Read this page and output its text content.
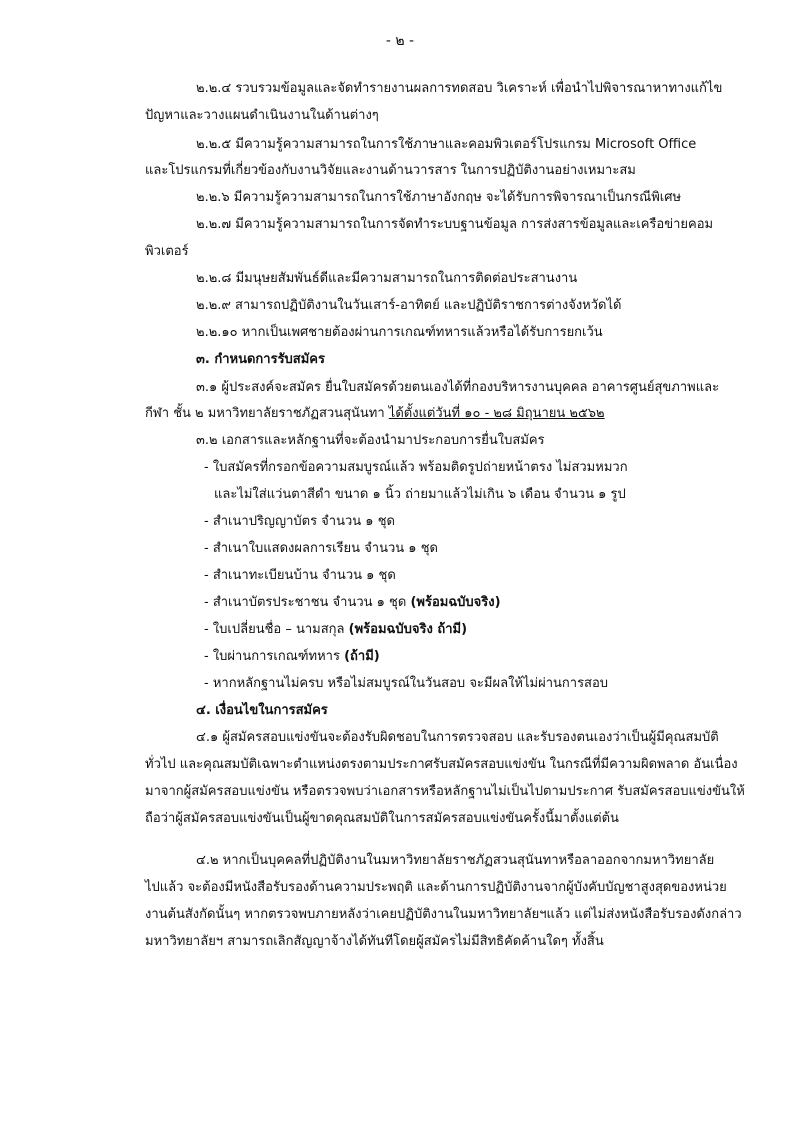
- ๒ -
๒.๒.๔ รวบรวมข้อมูลและจัดทำรายงานผลการทดสอบ วิเคราะห์ เพื่อนำไปพิจารณาหาทางแก้ไข
ปัญหาและวางแผนดำเนินงานในด้านต่างๆ
๒.๒.๕ มีความรู้ความสามารถในการใช้ภาษาและคอมพิวเตอร์โปรแกรม Microsoft Office
และโปรแกรมที่เกี่ยวข้องกับงานวิจัยและงานด้านวารสาร ในการปฏิบัติงานอย่างเหมาะสม
๒.๒.๖ มีความรู้ความสามารถในการใช้ภาษาอังกฤษ จะได้รับการพิจารณาเป็นกรณีพิเศษ
๒.๒.๗ มีความรู้ความสามารถในการจัดทำระบบฐานข้อมูล การส่งสารข้อมูลและเครือข่ายคอม
พิวเตอร์
๒.๒.๘ มีมนุษยสัมพันธ์ดีและมีความสามารถในการติดต่อประสานงาน
๒.๒.๙ สามารถปฏิบัติงานในวันเสาร์-อาทิตย์ และปฏิบัติราชการต่างจังหวัดได้
๒.๒.๑๐ หากเป็นเพศชายต้องผ่านการเกณฑ์ทหารแล้วหรือได้รับการยกเว้น
๓. กำหนดการรับสมัคร
๓.๑ ผู้ประสงค์จะสมัคร ยื่นใบสมัครด้วยตนเองได้ที่กองบริหารงานบุคคล อาคารศูนย์สุขภาพและ
กีฬา ชั้น ๒ มหาวิทยาลัยราชภัฏสวนสุนันทา ได้ตั้งแต่วันที่ ๑๐ - ๒๘ มิถุนายน ๒๕๖๒
๓.๒ เอกสารและหลักฐานที่จะต้องนำมาประกอบการยื่นใบสมัคร
- ใบสมัครที่กรอกข้อความสมบูรณ์แล้ว พร้อมติดรูปถ่ายหน้าตรง ไม่สวมหมวก
และไม่ใส่แว่นตาสีดำ ขนาด ๑ นิ้ว ถ่ายมาแล้วไม่เกิน ๖ เดือน จำนวน ๑ รูป
- สำเนาปริญญาบัตร จำนวน ๑ ชุด
- สำเนาใบแสดงผลการเรียน จำนวน ๑ ชุด
- สำเนาทะเบียนบ้าน จำนวน ๑ ชุด
- สำเนาบัตรประชาชน จำนวน ๑ ชุด (พร้อมฉบับจริง)
- ใบเปลี่ยนชื่อ – นามสกุล (พร้อมฉบับจริง ถ้ามี)
- ใบผ่านการเกณฑ์ทหาร (ถ้ามี)
- หากหลักฐานไม่ครบ หรือไม่สมบูรณ์ในวันสอบ จะมีผลให้ไม่ผ่านการสอบ
๔. เงื่อนไขในการสมัคร
๔.๑ ผู้สมัครสอบแข่งขันจะต้องรับผิดชอบในการตรวจสอบ และรับรองตนเองว่าเป็นผู้มีคุณสมบัติ
ทั่วไป และคุณสมบัติเฉพาะตำแหน่งตรงตามประกาศรับสมัครสอบแข่งขัน ในกรณีที่มีความผิดพลาด อันเนื่อง
มาจากผู้สมัครสอบแข่งขัน หรือตรวจพบว่าเอกสารหรือหลักฐานไม่เป็นไปตามประกาศ รับสมัครสอบแข่งขันให้
ถือว่าผู้สมัครสอบแข่งขันเป็นผู้ขาดคุณสมบัติในการสมัครสอบแข่งขันครั้งนี้มาตั้งแต่ต้น
๔.๒ หากเป็นบุคคลที่ปฏิบัติงานในมหาวิทยาลัยราชภัฏสวนสุนันทาหรือลาออกจากมหาวิทยาลัย
ไปแล้ว จะต้องมีหนังสือรับรองด้านความประพฤติ และด้านการปฏิบัติงานจากผู้บังคับบัญชาสูงสุดของหน่วย
งานต้นสังกัดนั้นๆ หากตรวจพบภายหลังว่าเคยปฏิบัติงานในมหาวิทยาลัยฯแล้ว แต่ไม่ส่งหนังสือรับรองดังกล่าว
มหาวิทยาลัยฯ สามารถเลิกสัญญาจ้างได้ทันทีโดยผู้สมัครไม่มีสิทธิคัดค้านใดๆ ทั้งสิ้น
